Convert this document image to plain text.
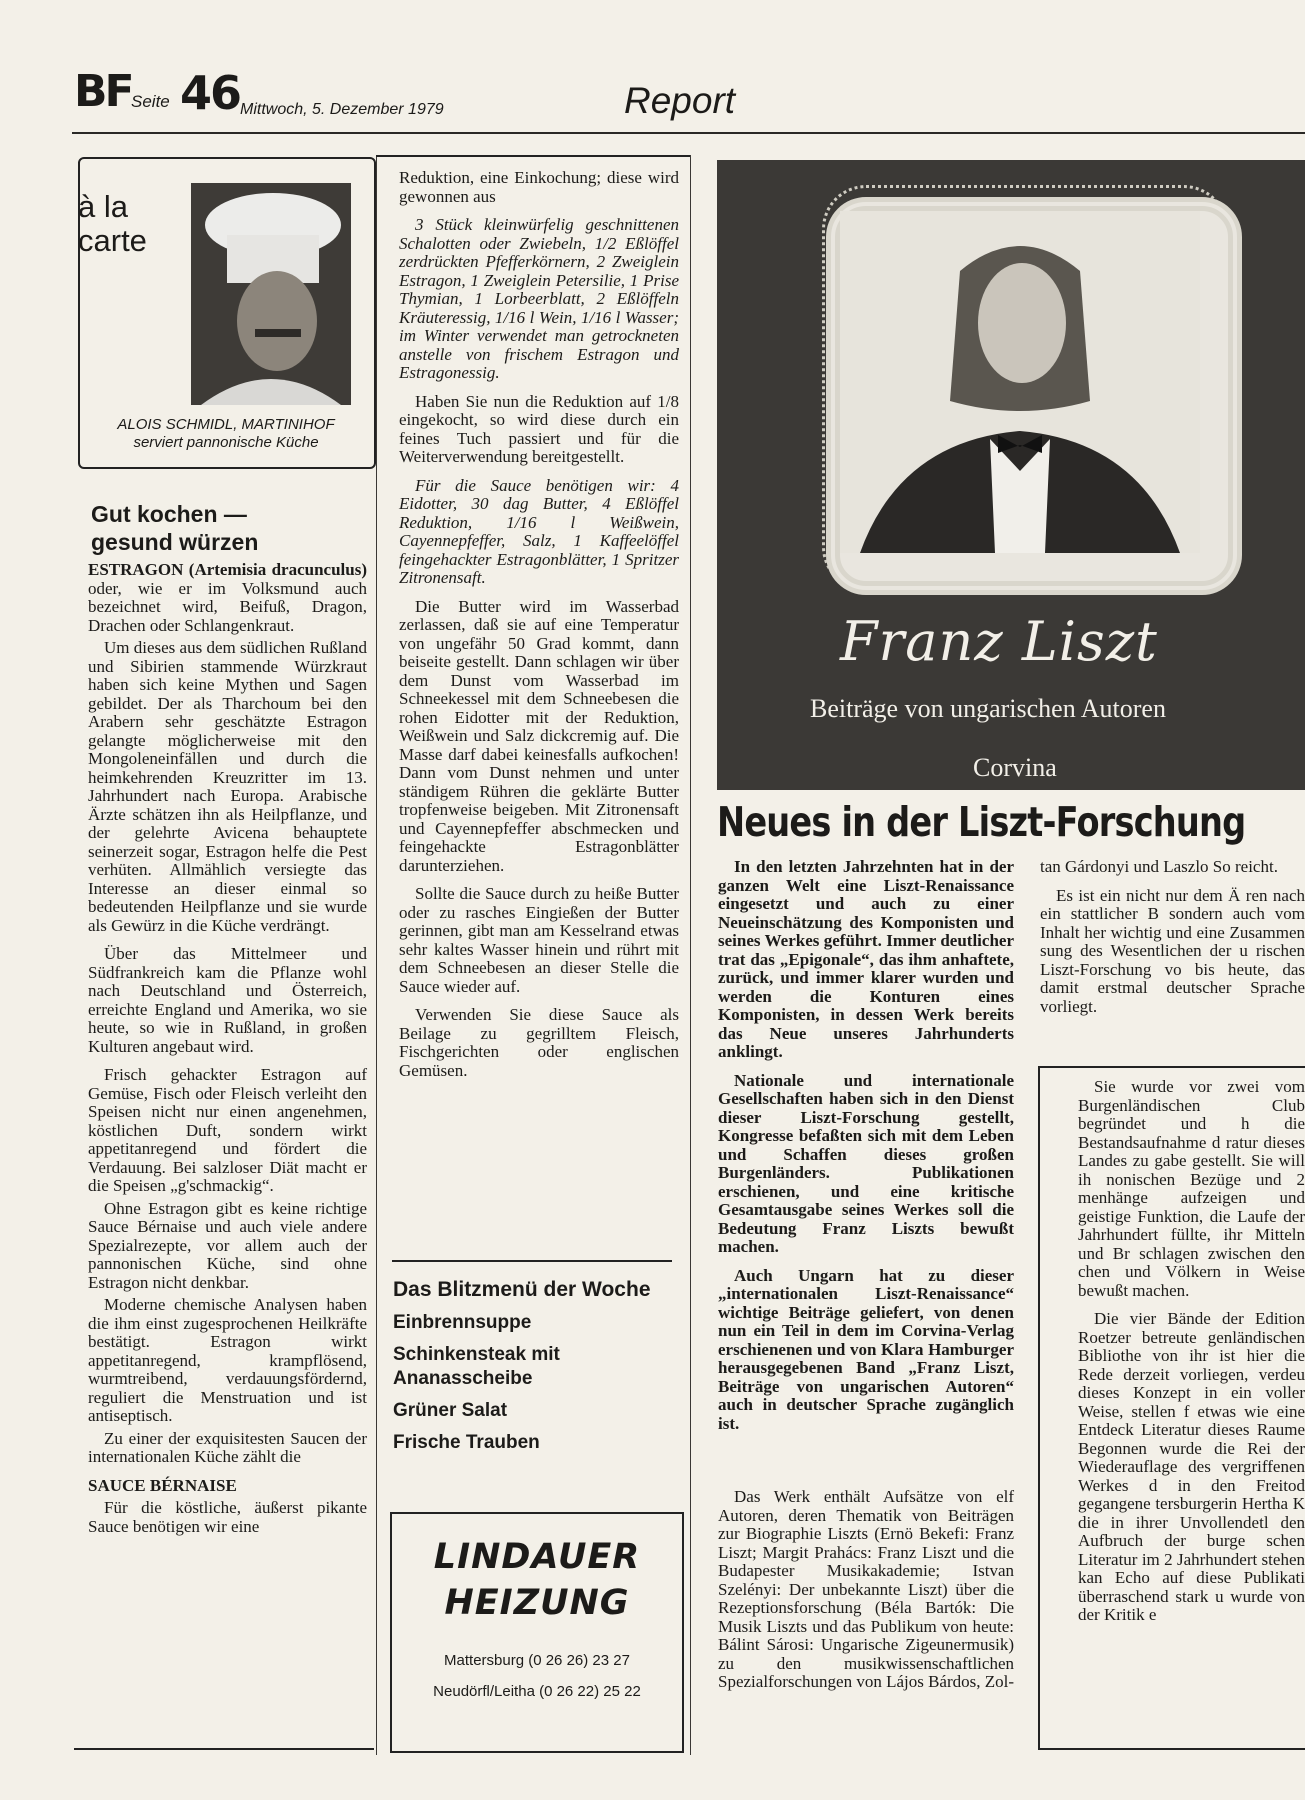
BF Seite 46 Mittwoch, 5. Dezember 1979	Report
à la
carte
ALOIS SCHMIDL, MARTINIHOF
serviert pannonische Küche
Gut kochen —
gesund würzen

ESTRAGON (Artemisia dracunculus) oder, wie er im Volksmund auch bezeichnet wird, Beifuß, Dragon, Drachen oder Schlangenkraut.

Um dieses aus dem südlichen Rußland und Sibirien stammende Würzkraut haben sich keine Mythen und Sagen gebildet. Der als Tharchoum bei den Arabern sehr geschätzte Estragon gelangte möglicherweise mit den Mongoleneinfällen und durch die heimkehrenden Kreuzritter im 13. Jahrhundert nach Europa. Arabische Ärzte schätzen ihn als Heilpflanze, und der gelehrte Avicena behauptete seinerzeit sogar, Estragon helfe die Pest verhüten. Allmählich versiegte das Interesse an dieser einmal so bedeutenden Heilpflanze und sie wurde als Gewürz in die Küche verdrängt.

Über das Mittelmeer und Südfrankreich kam die Pflanze wohl nach Deutschland und Österreich, erreichte England und Amerika, wo sie heute, so wie in Rußland, in großen Kulturen angebaut wird.

Frisch gehackter Estragon auf Gemüse, Fisch oder Fleisch verleiht den Speisen nicht nur einen angenehmen, köstlichen Duft, sondern wirkt appetitanregend und fördert die Verdauung. Bei salzloser Diät macht er die Speisen „g'schmackig“.

Ohne Estragon gibt es keine richtige Sauce Bérnaise und auch viele andere Spezialrezepte, vor allem auch der pannonischen Küche, sind ohne Estragon nicht denkbar.

Moderne chemische Analysen haben die ihm einst zugesprochenen Heilkräfte bestätigt. Estragon wirkt appetitanregend, krampflösend, wurmtreibend, verdauungsfördernd, reguliert die Menstruation und ist antiseptisch.

Zu einer der exquisitesten Saucen der internationalen Küche zählt die

SAUCE BÉRNAISE

Für die köstliche, äußerst pikante Sauce benötigen wir eine

Reduktion, eine Einkochung; diese wird gewonnen aus

3 Stück kleinwürfelig geschnittenen Schalotten oder Zwiebeln, 1/2 Eßlöffel zerdrückten Pfefferkörnern, 2 Zweiglein Estragon, 1 Zweiglein Petersilie, 1 Prise Thymian, 1 Lorbeerblatt, 2 Eßlöffeln Kräuteressig, 1/16 l Wein, 1/16 l Wasser; im Winter verwendet man getrockneten anstelle von frischem Estragon und Estragonessig.

Haben Sie nun die Reduktion auf 1/8 eingekocht, so wird diese durch ein feines Tuch passiert und für die Weiterverwendung bereitgestellt.

Für die Sauce benötigen wir: 4 Eidotter, 30 dag Butter, 4 Eßlöffel Reduktion, 1/16 l Weißwein, Cayennepfeffer, Salz, 1 Kaffeelöffel feingehackter Estragonblätter, 1 Spritzer Zitronensaft.

Die Butter wird im Wasserbad zerlassen, daß sie auf eine Temperatur von ungefähr 50 Grad kommt, dann beiseite gestellt. Dann schlagen wir über dem Dunst vom Wasserbad im Schneekessel mit dem Schneebesen die rohen Eidotter mit der Reduktion, Weißwein und Salz dickcremig auf. Die Masse darf dabei keinesfalls aufkochen! Dann vom Dunst nehmen und unter ständigem Rühren die geklärte Butter tropfenweise beigeben. Mit Zitronensaft und Cayennepfeffer abschmecken und feingehackte Estragonblätter darunterziehen.

Sollte die Sauce durch zu heiße Butter oder zu rasches Eingießen der Butter gerinnen, gibt man am Kesselrand etwas sehr kaltes Wasser hinein und rührt mit dem Schneebesen an dieser Stelle die Sauce wieder auf.

Verwenden Sie diese Sauce als Beilage zu gegrilltem Fleisch, Fischgerichten oder englischen Gemüsen.

Das Blitzmenü der Woche
Einbrennsuppe
Schinkensteak mit Ananasscheibe
Grüner Salat
Frische Trauben
LINDAUER
HEIZUNG
Mattersburg (0 26 26) 23 27
Neudörfl/Leitha (0 26 22) 25 22
Franz Liszt
Beiträge von ungarischen Autoren
Corvina
Neues in der Liszt-Forschung

In den letzten Jahrzehnten hat in der ganzen Welt eine Liszt-Renaissance eingesetzt und auch zu einer Neueinschätzung des Komponisten und seines Werkes geführt. Immer deutlicher trat das „Epigonale“, das ihm anhaftete, zurück, und immer klarer wurden und werden die Konturen eines Komponisten, in dessen Werk bereits das Neue unseres Jahrhunderts anklingt.

Nationale und internationale Gesellschaften haben sich in den Dienst dieser Liszt-Forschung gestellt, Kongresse befaßten sich mit dem Leben und Schaffen dieses großen Burgenländers. Publikationen erschienen, und eine kritische Gesamtausgabe seines Werkes soll die Bedeutung Franz Liszts bewußt machen.

Auch Ungarn hat zu dieser „internationalen Liszt-Renaissance“ wichtige Beiträge geliefert, von denen nun ein Teil in dem im Corvina-Verlag erschienenen und von Klara Hamburger herausgegebenen Band „Franz Liszt, Beiträge von ungarischen Autoren“ auch in deutscher Sprache zugänglich ist.

Das Werk enthält Aufsätze von elf Autoren, deren Thematik von Beiträgen zur Biographie Liszts (Ernö Bekefi: Franz Liszt; Margit Prahács: Franz Liszt und die Budapester Musikakademie; Istvan Szelényi: Der unbekannte Liszt) über die Rezeptionsforschung (Béla Bartók: Die Musik Liszts und das Publikum von heute: Bálint Sárosi: Ungarische Zigeunermusik) zu den musikwissenschaftlichen Spezialforschungen von Lájos Bárdos, Zol-

tan Gárdonyi und Laszlo So reicht.

Es ist ein nicht nur dem Ä ren nach ein stattlicher B sondern auch vom Inhalt her wichtig und eine Zusammen sung des Wesentlichen der u rischen Liszt-Forschung vo bis heute, das damit erstmal deutscher Sprache vorliegt.

Sie wurde vor zwei vom Burgenländischen Club begründet und h die Bestandsaufnahme d ratur dieses Landes zu gabe gestellt. Sie will ih nonischen Bezüge und 2 menhänge aufzeigen und geistige Funktion, die Laufe der Jahrhundert füllte, ihr Mitteln und Br schlagen zwischen den chen und Völkern in Weise bewußt machen.

Die vier Bände der Edition Roetzer betreute genländischen Bibliothe von ihr ist hier die Rede derzeit vorliegen, verdeu dieses Konzept in ein voller Weise, stellen f etwas wie eine Entdeck Literatur dieses Raume Begonnen wurde die Rei der Wiederauflage des vergriffenen Werkes d in den Freitod gegangene tersburgerin Hertha K die in ihrer Unvollendetl den Aufbruch der burge schen Literatur im 2 Jahrhundert stehen kan Echo auf diese Publikati überraschend stark u wurde von der Kritik e
